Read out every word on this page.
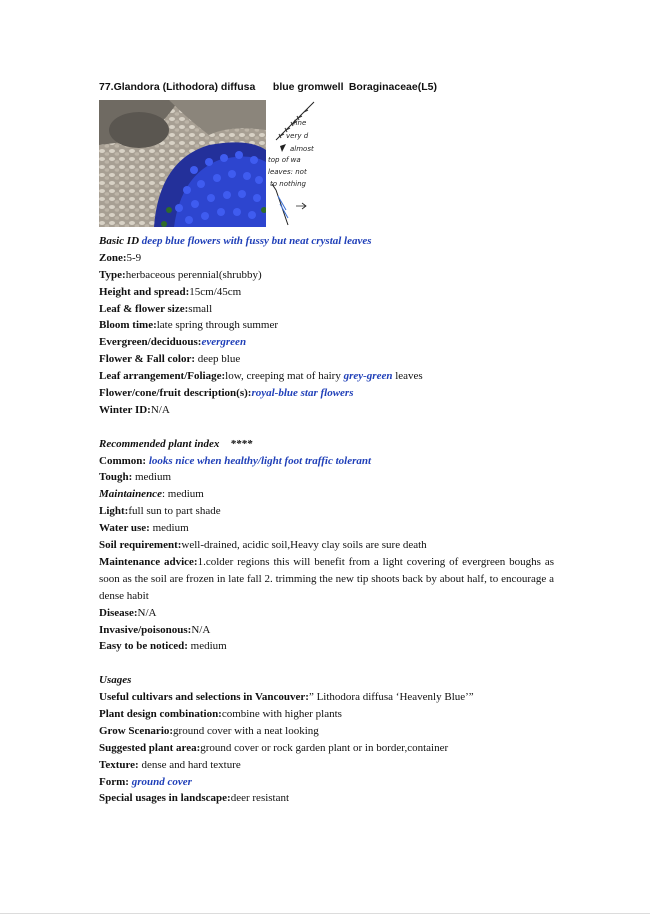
77.Glandora (Lithodora) diffusa blue gromwell Boraginaceae(L5)
fine
very d
almost
top of wa
leaves: not
to nothing
Basic ID deep blue flowers with fussy but neat crystal leaves
Zone:5-9
Type:herbaceous perennial(shrubby)
Height and spread:15cm/45cm
Leaf & flower size:small
Bloom time:late spring through summer
Evergreen/deciduous:evergreen
Flower & Fall color: deep blue
Leaf arrangement/Foliage:low, creeping mat of hairy grey-green leaves
Flower/cone/fruit description(s):royal-blue star flowers
Winter ID:N/A
Recommended plant index ****
Common: looks nice when healthy/light foot traffic tolerant
Tough: medium
Maintainence: medium
Light:full sun to part shade
Water use: medium
Soil requirement:well-drained, acidic soil,Heavy clay soils are sure death
Maintenance advice:1.colder regions this will benefit from a light covering of evergreen boughs as soon as the soil are frozen in late fall 2. trimming the new tip shoots back by about half, to encourage a dense habit
Disease:N/A
Invasive/poisonous:N/A
Easy to be noticed: medium
Usages
Useful cultivars and selections in Vancouver:” Lithodora diffusa ‘Heavenly Blue’”
Plant design combination:combine with higher plants
Grow Scenario:ground cover with a neat looking
Suggested plant area:ground cover or rock garden plant or in border,container
Texture: dense and hard texture
Form: ground cover
Special usages in landscape:deer resistant
